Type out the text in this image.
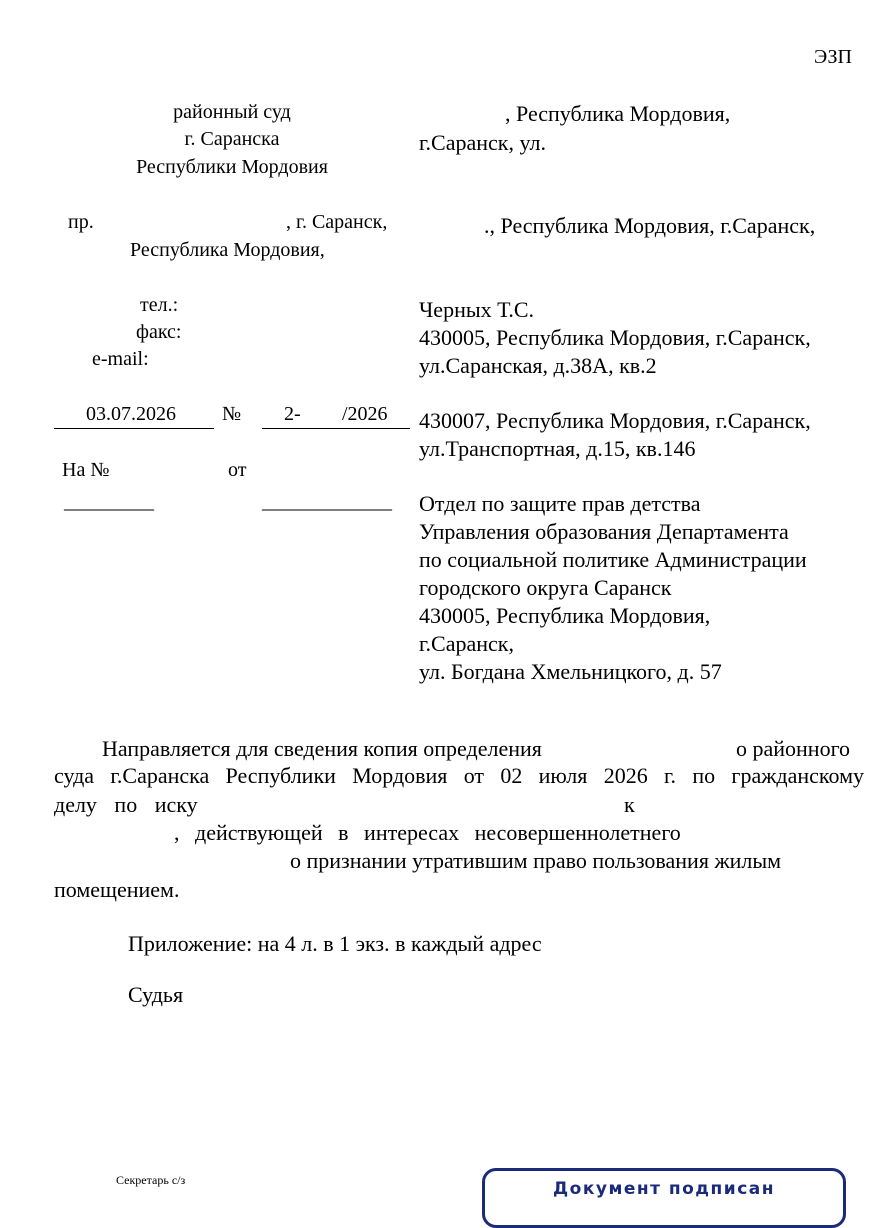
ЭЗП
районный суд
г. Саранска
Республики Мордовия
пр.	, г. Саранск,
Республика Мордовия,
тел.:
факс:
e-mail:
03.07.2026 № 2- /2026
На №	от
_________	_____________
, Республика Мордовия,
г.Саранск, ул.
., Республика Мордовия, г.Саранск,
Черных Т.С.
430005, Республика Мордовия, г.Саранск,
ул.Саранская, д.38А, кв.2
430007, Республика Мордовия, г.Саранск,
ул.Транспортная, д.15, кв.146
Отдел по защите прав детства
Управления образования Департамента
по социальной политике Администрации
городского округа Саранск
430005, Республика Мордовия,
г.Саранск,
ул. Богдана Хмельницкого, д. 57
Направляется для сведения копия определения	о районного
суда г.Саранска Республики Мордовия от 02 июля 2026 г. по гражданскому
делу по иску	к
, действующей в интересах несовершеннолетнего
о признании утратившим право пользования жилым
помещением.
Приложение: на 4 л. в 1 экз. в каждый адрес
Судья
Секретарь с/з	Документ подписан
